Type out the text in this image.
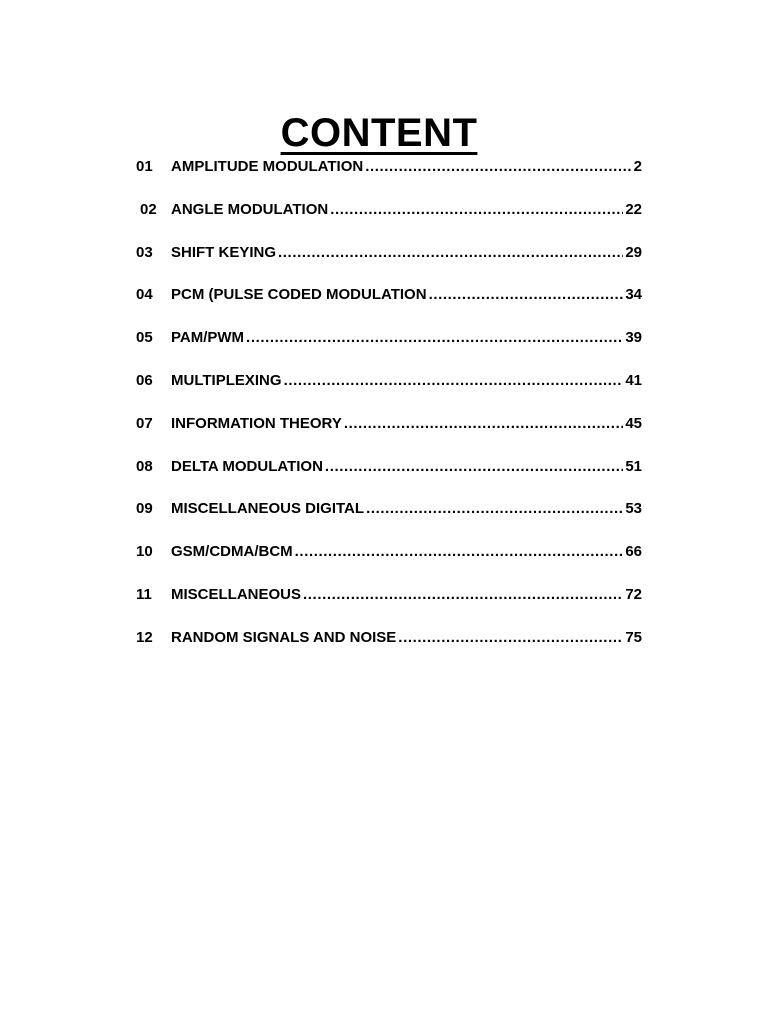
CONTENT
01	AMPLITUDE MODULATION .....	2
02 ANGLE MODULATION .....	22
03	SHIFT KEYING .....	29
04	PCM (PULSE CODED MODULATION .....	34
05	PAM/PWM .....	39
06	MULTIPLEXING .....	41
07	INFORMATION THEORY .....	45
08	DELTA MODULATION .....	51
09	MISCELLANEOUS DIGITAL .....	53
10	GSM/CDMA/BCM .....	66
11	MISCELLANEOUS .....	72
12	RANDOM SIGNALS AND NOISE .....	75
